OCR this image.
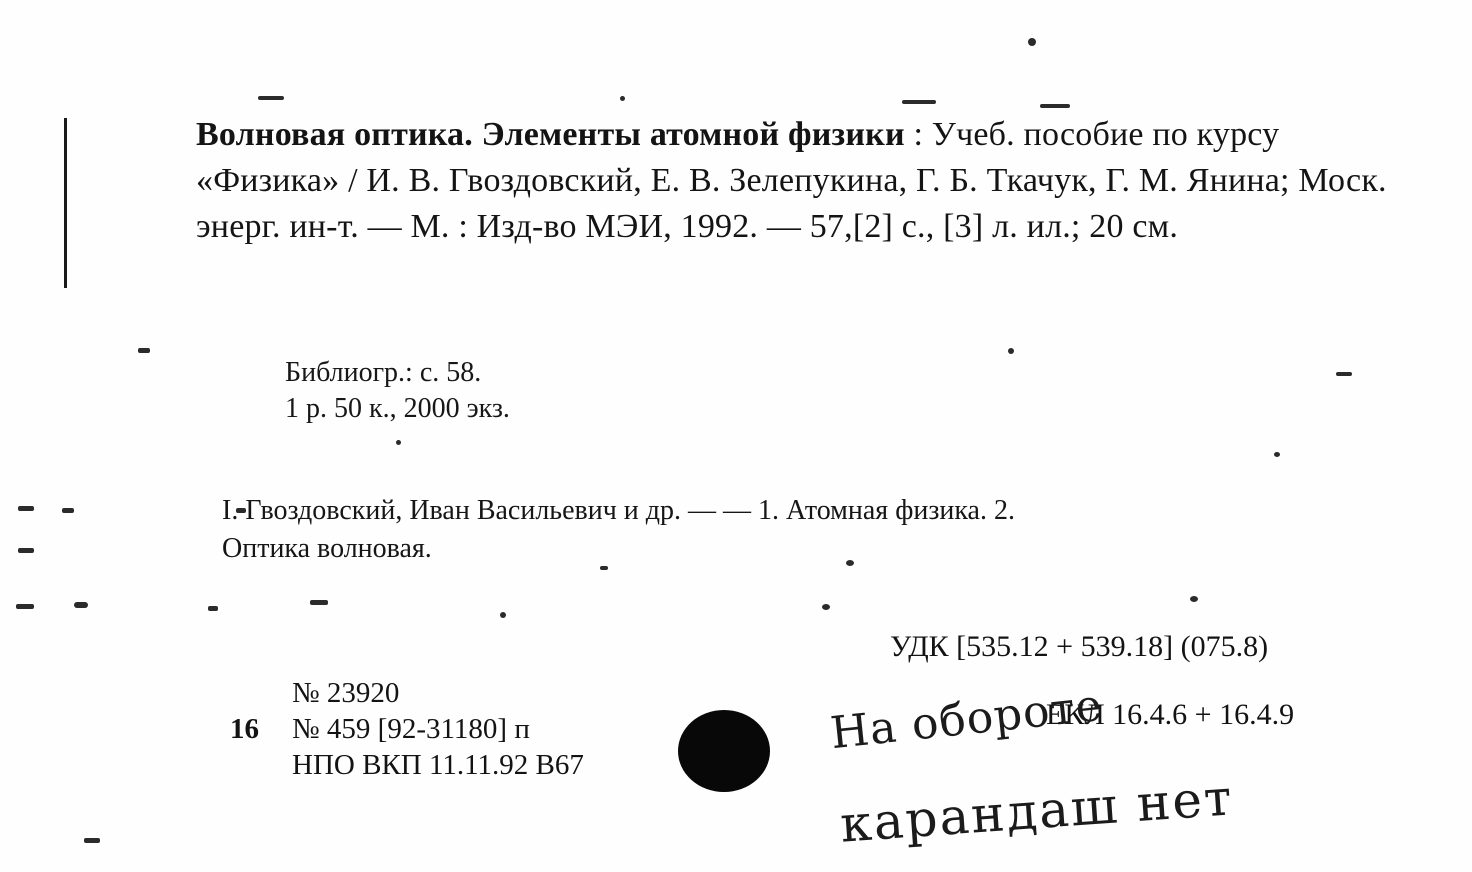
Волновая оптика. Элементы атомной физики : Учеб. пособие по курсу «Физика» / И. В. Гвоздовский, Е. В. Зелепукина, Г. Б. Ткачук, Г. М. Янина; Моск. энерг. ин-т. — М. : Изд-во МЭИ, 1992. — 57,[2] с., [3] л. ил.; 20 см.
Библиогр.: с. 58.
1 р. 50 к., 2000 экз.
I. Гвоздовский, Иван Васильевич и др. — — 1. Атомная физика. 2.
Оптика волновая.
УДК [535.12 + 539.18] (075.8)
ЕКЛ 16.4.6 + 16.4.9
№ 23920
16 № 459 [92-31180] п
НПО ВКП 11.11.92 В67
На обороте
карандаш нет
